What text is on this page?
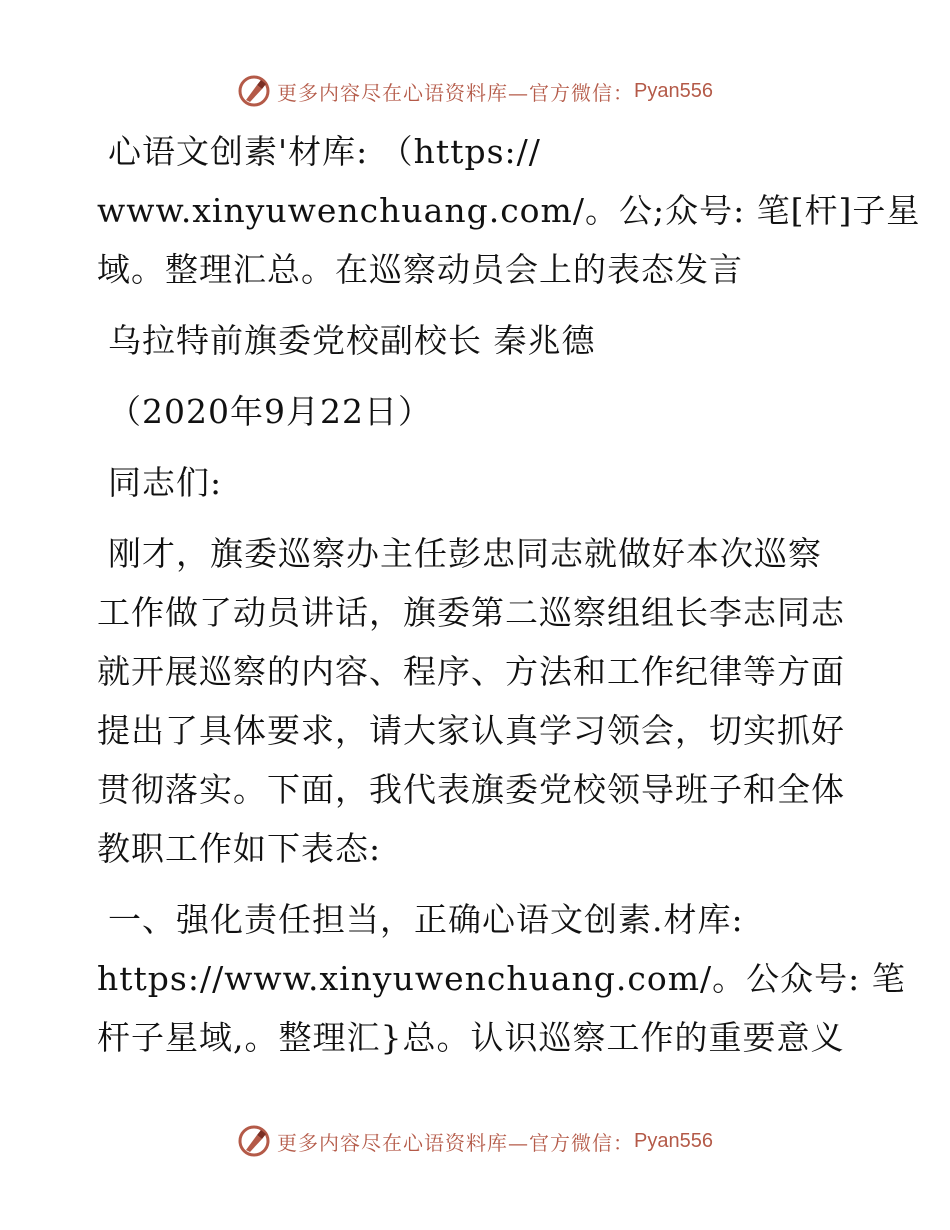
更多内容尽在心语资料库—官方微信： Pyan556
心语文创素'材库: （https://
www.xinyuwenchuang.com/。公;众号: 笔[杆]子星
域。整理汇总。在巡察动员会上的表态发言
乌拉特前旗委党校副校长 秦兆德
（2020年9月22日）
同志们:
刚才，旗委巡察办主任彭忠同志就做好本次巡察
工作做了动员讲话，旗委第二巡察组组长李志同志
就开展巡察的内容、程序、方法和工作纪律等方面
提出了具体要求，请大家认真学习领会，切实抓好
贯彻落实。下面，我代表旗委党校领导班子和全体
教职工作如下表态:
一、强化责任担当，正确心语文创素.材库:
https://www.xinyuwenchuang.com/。公众号: 笔
杆子星域,。整理汇}总。认识巡察工作的重要意义
更多内容尽在心语资料库—官方微信： Pyan556
